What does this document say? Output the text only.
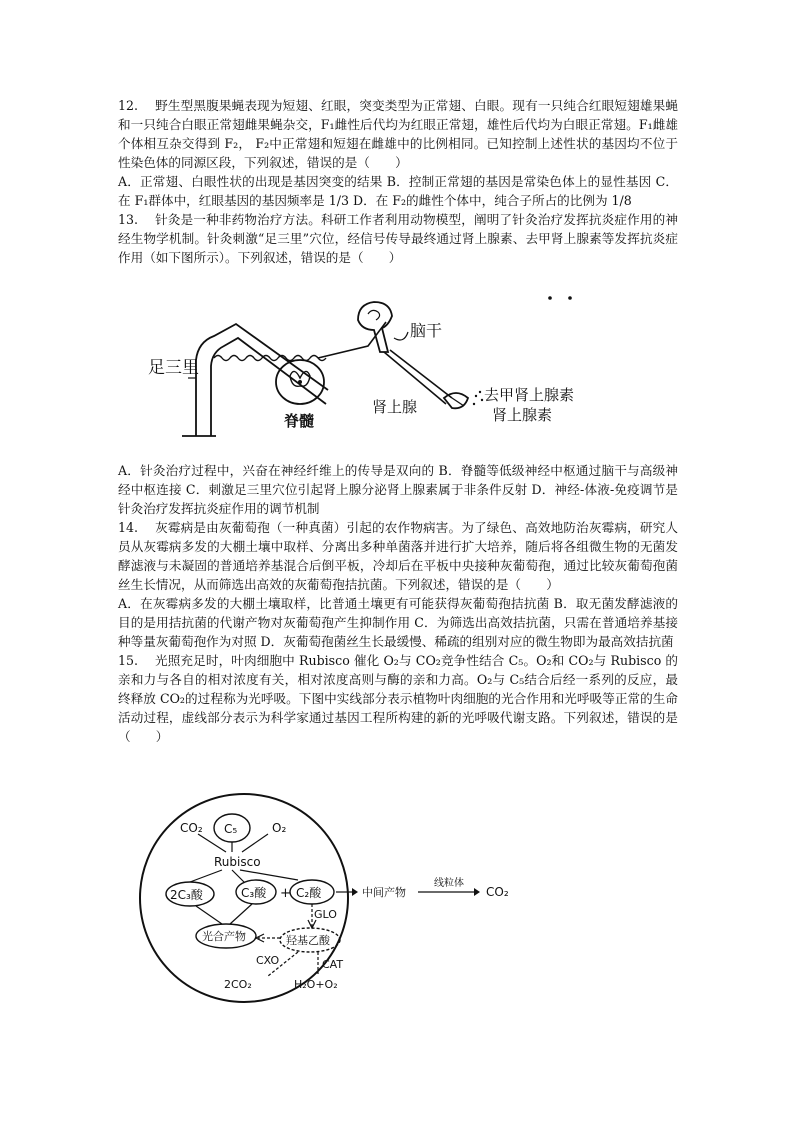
12.　 野生型黑腹果蝇表现为短翅、红眼，突变类型为正常翅、白眼。现有一只纯合红眼短翅雄果蝇和一只纯合白眼正常翅雌果蝇杂交，F₁雌性后代均为红眼正常翅，雄性后代均为白眼正常翅。F₁雌雄个体相互杂交得到 F₂， F₂中正常翅和短翅在雌雄中的比例相同。已知控制上述性状的基因均不位于性染色体的同源区段，下列叙述，错误的是（　　）

A．正常翅、白眼性状的出现是基因突变的结果 B．控制正常翅的基因是常染色体上的显性基因 C．在 F₁群体中，红眼基因的基因频率是 1/3 D．在 F₂的雌性个体中，纯合子所占的比例为 1/8

13.　 针灸是一种非药物治疗方法。科研工作者利用动物模型，阐明了针灸治疗发挥抗炎症作用的神经生物学机制。针灸刺激“足三里”穴位，经信号传导最终通过肾上腺素、去甲肾上腺素等发挥抗炎症作用（如下图所示）。下列叙述，错误的是（　　）

足三里
脊髓
脑干
肾上腺
去甲肾上腺素
肾上腺素

A．针灸治疗过程中，兴奋在神经纤维上的传导是双向的 B．脊髓等低级神经中枢通过脑干与高级神经中枢连接 C．刺激足三里穴位引起肾上腺分泌肾上腺素属于非条件反射 D．神经-体液-免疫调节是针灸治疗发挥抗炎症作用的调节机制

14.　 灰霉病是由灰葡萄孢（一种真菌）引起的农作物病害。为了绿色、高效地防治灰霉病，研究人员从灰霉病多发的大棚土壤中取样、分离出多种单菌落并进行扩大培养，随后将各组微生物的无菌发酵滤液与未凝固的普通培养基混合后倒平板，冷却后在平板中央接种灰葡萄孢，通过比较灰葡萄孢菌丝生长情况，从而筛选出高效的灰葡萄孢拮抗菌。下列叙述，错误的是（　　）

A．在灰霉病多发的大棚土壤取样，比普通土壤更有可能获得灰葡萄孢拮抗菌 B．取无菌发酵滤液的目的是用拮抗菌的代谢产物对灰葡萄孢产生抑制作用 C．为筛选出高效拮抗菌，只需在普通培养基接种等量灰葡萄孢作为对照 D．灰葡萄孢菌丝生长最缓慢、稀疏的组别对应的微生物即为最高效拮抗菌

15.　 光照充足时，叶肉细胞中 Rubisco 催化 O₂与 CO₂竞争性结合 C₅。O₂和 CO₂与 Rubisco 的亲和力与各自的相对浓度有关，相对浓度高则与酶的亲和力高。O₂与 C₅结合后经一系列的反应，最终释放 CO₂的过程称为光呼吸。下图中实线部分表示植物叶肉细胞的光合作用和光呼吸等正常的生命活动过程，虚线部分表示为科学家通过基因工程所构建的新的光呼吸代谢支路。下列叙述，错误的是（　　）

C₅
CO₂	O₂
Rubisco
2C₃酸	C₃酸 + C₂酸	中间产物
线粒体
CO₂
光合产物
GLO
羟基乙酸
CXO	CAT
2CO₂	H₂O+O₂
